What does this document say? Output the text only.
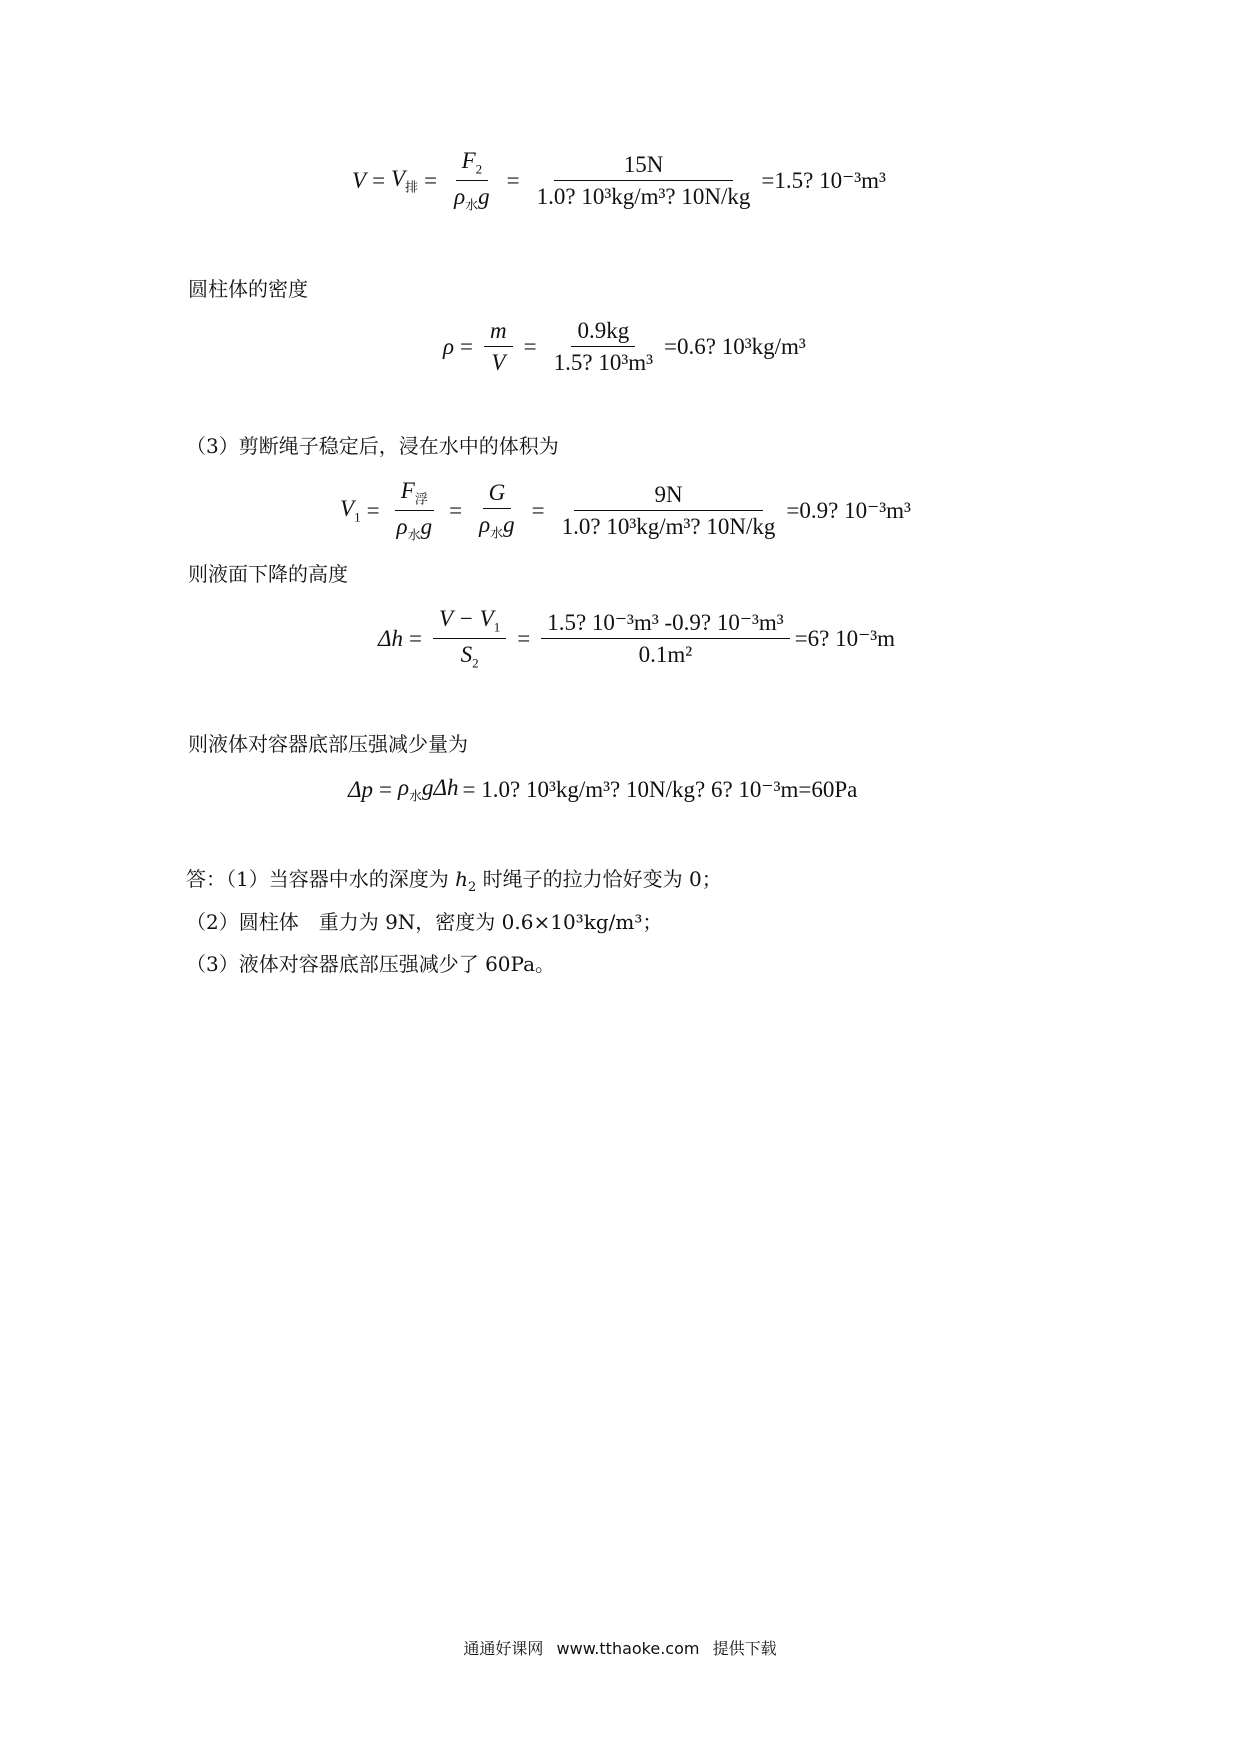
$V = V_排 = \frac{F_2}{\rho_水g} = \frac{15N}{\text{1.0? 10³kg/m³? 10N/kg}} =1.5$? 10⁻³m³
圆柱体的密度
$\rho = \frac{m}{V} = \frac{0.9kg}{\text{1.5? 10³m³}} =0.6$? 10³kg/m³
（3）剪断绳子稳定后，浸在水中的体积为
$V_1 = \frac{F_浮}{\rho_水g} = \frac{G}{\rho_水g} = \frac{9N}{\text{1.0? 10³kg/m³? 10N/kg}} =0.9$? 10⁻³m³
则液面下降的高度
$\Delta h = \frac{V - V_1}{S_2} = \frac{\text{1.5? 10⁻³m³ -0.9? 10⁻³m³}}{\text{0.1m²}} =6$? 10⁻³m
则液体对容器底部压强减少量为
$\Delta p = \rho_水g\Delta h = 1.0$? 10³kg/m³? 10N/kg? 6? 10⁻³m=60Pa
答：（1）当容器中水的深度为 $h_2$ 时绳子的拉力恰好变为 0；
（2）圆柱体　重力为 9N，密度为 0.6×10³kg/m³；
（3）液体对容器底部压强减少了 60Pa。
通通好课网 www.tthaoke.com 提供下载
